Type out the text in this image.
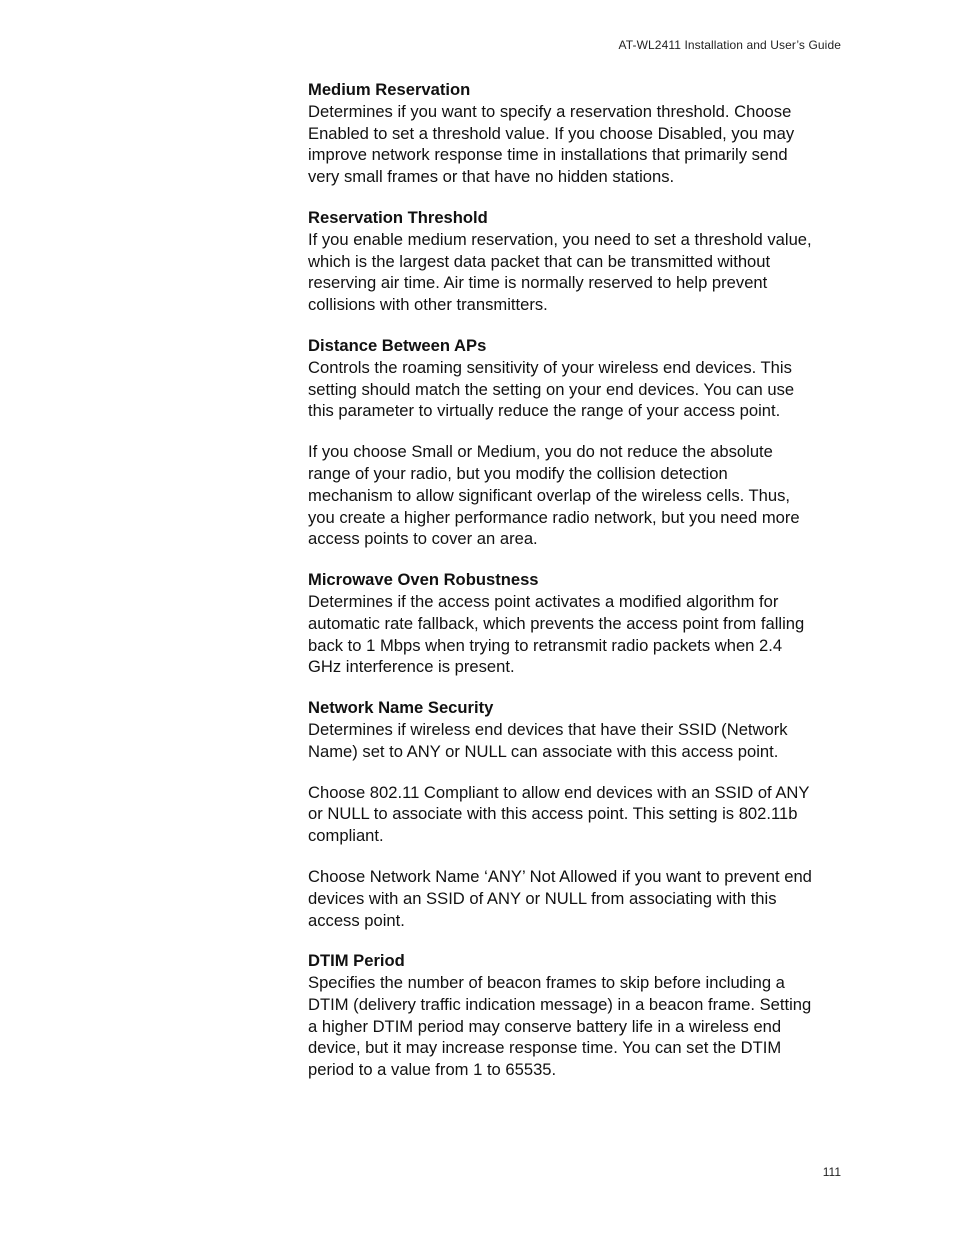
AT-WL2411 Installation and User’s Guide

Medium Reservation

Determines if you want to specify a reservation threshold. Choose Enabled to set a threshold value. If you choose Disabled, you may improve network response time in installations that primarily send very small frames or that have no hidden stations.

Reservation Threshold

If you enable medium reservation, you need to set a threshold value, which is the largest data packet that can be transmitted without reserving air time. Air time is normally reserved to help prevent collisions with other transmitters.

Distance Between APs

Controls the roaming sensitivity of your wireless end devices. This setting should match the setting on your end devices. You can use this parameter to virtually reduce the range of your access point.

If you choose Small or Medium, you do not reduce the absolute range of your radio, but you modify the collision detection mechanism to allow significant overlap of the wireless cells. Thus, you create a higher performance radio network, but you need more access points to cover an area.

Microwave Oven Robustness

Determines if the access point activates a modified algorithm for automatic rate fallback, which prevents the access point from falling back to 1 Mbps when trying to retransmit radio packets when 2.4 GHz interference is present.

Network Name Security

Determines if wireless end devices that have their SSID (Network Name) set to ANY or NULL can associate with this access point.

Choose 802.11 Compliant to allow end devices with an SSID of ANY or NULL to associate with this access point. This setting is 802.11b compliant.

Choose Network Name ‘ANY’ Not Allowed if you want to prevent end devices with an SSID of ANY or NULL from associating with this access point.

DTIM Period

Specifies the number of beacon frames to skip before including a DTIM (delivery traffic indication message) in a beacon frame. Setting a higher DTIM period may conserve battery life in a wireless end device, but it may increase response time. You can set the DTIM period to a value from 1 to 65535.

111
